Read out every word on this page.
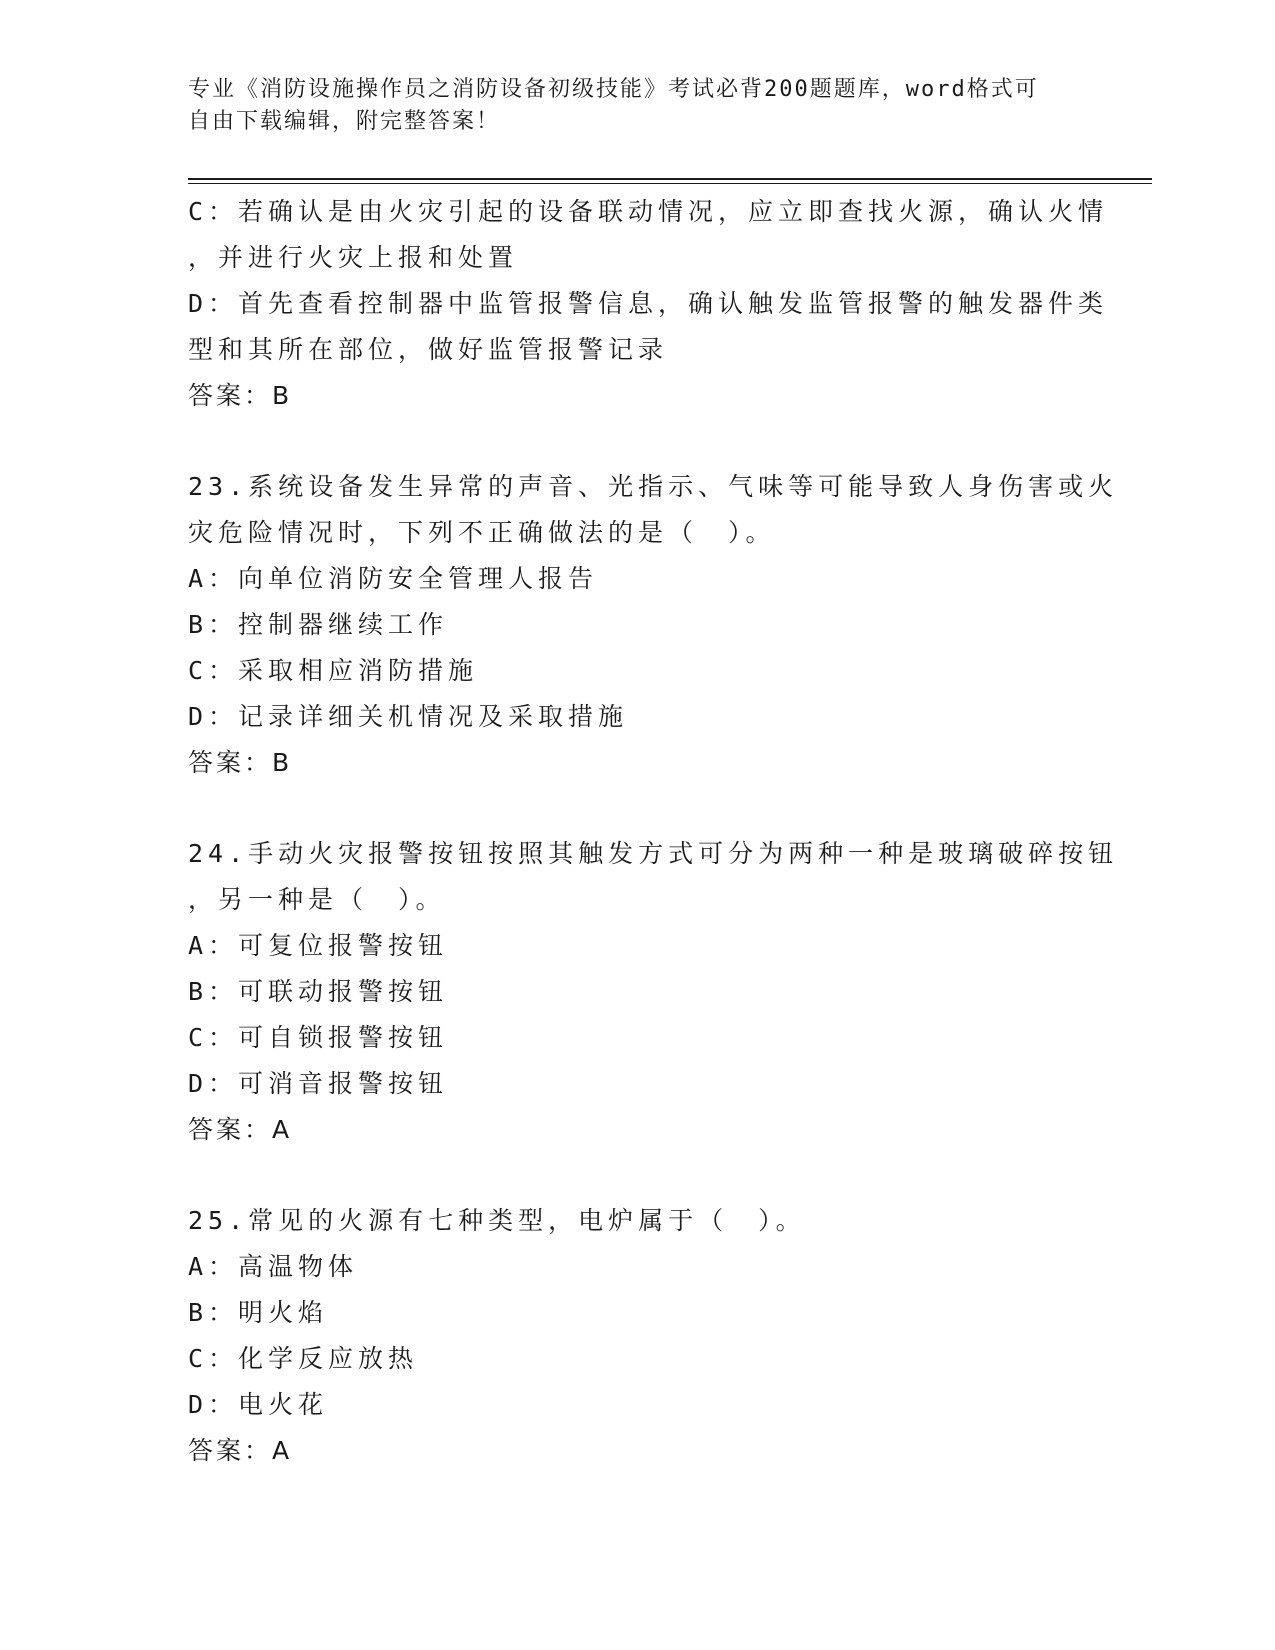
专业《消防设施操作员之消防设备初级技能》考试必背200题题库，word格式可
自由下载编辑，附完整答案！
C：若确认是由火灾引起的设备联动情况，应立即查找火源，确认火情
，并进行火灾上报和处置
D：首先查看控制器中监管报警信息，确认触发监管报警的触发器件类
型和其所在部位，做好监管报警记录
答案：B
23.系统设备发生异常的声音、光指示、气味等可能导致人身伤害或火
灾危险情况时，下列不正确做法的是（　）。
A：向单位消防安全管理人报告
B：控制器继续工作
C：采取相应消防措施
D：记录详细关机情况及采取措施
答案：B
24.手动火灾报警按钮按照其触发方式可分为两种一种是玻璃破碎按钮
，另一种是（　）。
A：可复位报警按钮
B：可联动报警按钮
C：可自锁报警按钮
D：可消音报警按钮
答案：A
25.常见的火源有七种类型，电炉属于（　）。
A：高温物体
B：明火焰
C：化学反应放热
D：电火花
答案：A
